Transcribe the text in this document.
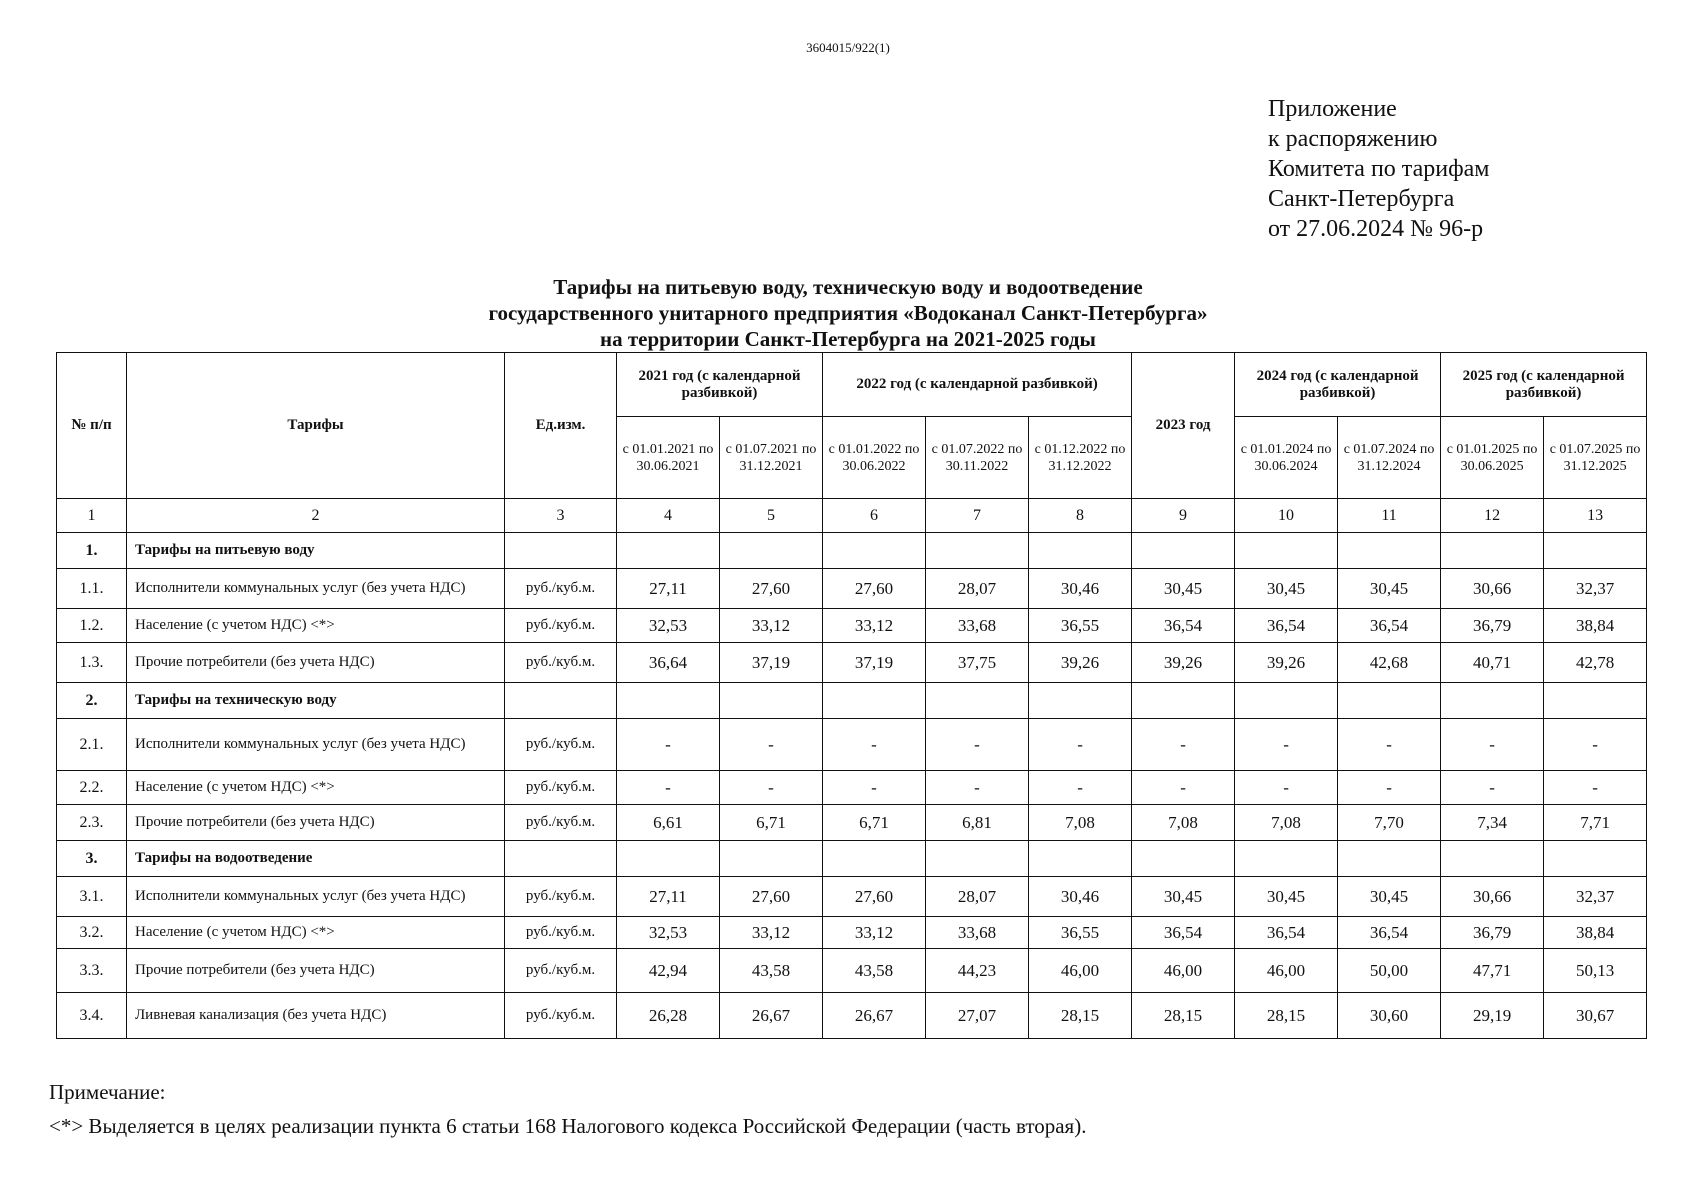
3604015/922(1)
Приложение
к распоряжению
Комитета по тарифам
Санкт-Петербурга
от 27.06.2024 № 96-р
Тарифы на питьевую воду, техническую воду и водоотведение
государственного унитарного предприятия «Водоканал Санкт-Петербурга»
на территории Санкт-Петербурга на 2021-2025 годы
№ п/п	Тарифы	Ед.изм.	2021 год (с календарной разбивкой)		2022 год (с календарной разбивкой)			2023 год	2024 год (с календарной разбивкой)		2025 год (с календарной разбивкой)	
			с 01.01.2021 по 30.06.2021	с 01.07.2021 по 31.12.2021	с 01.01.2022 по 30.06.2022	с 01.07.2022 по 30.11.2022	с 01.12.2022 по 31.12.2022		с 01.01.2024 по 30.06.2024	с 01.07.2024 по 31.12.2024	с 01.01.2025 по 30.06.2025	с 01.07.2025 по 31.12.2025
1	2	3	4	5	6	7	8	9	10	11	12	13
1.	Тарифы на питьевую воду											
1.1.	Исполнители коммунальных услуг (без учета НДС)	руб./куб.м.	27,11	27,60	27,60	28,07	30,46	30,45	30,45	30,45	30,66	32,37
1.2.	Население (с учетом НДС) <*>	руб./куб.м.	32,53	33,12	33,12	33,68	36,55	36,54	36,54	36,54	36,79	38,84
1.3.	Прочие потребители (без учета НДС)	руб./куб.м.	36,64	37,19	37,19	37,75	39,26	39,26	39,26	42,68	40,71	42,78
2.	Тарифы на техническую воду											
2.1.	Исполнители коммунальных услуг (без учета НДС)	руб./куб.м.	-	-	-	-	-	-	-	-	-	-
2.2.	Население (с учетом НДС) <*>	руб./куб.м.	-	-	-	-	-	-	-	-	-	-
2.3.	Прочие потребители (без учета НДС)	руб./куб.м.	6,61	6,71	6,71	6,81	7,08	7,08	7,08	7,70	7,34	7,71
3.	Тарифы на водоотведение											
3.1.	Исполнители коммунальных услуг (без учета НДС)	руб./куб.м.	27,11	27,60	27,60	28,07	30,46	30,45	30,45	30,45	30,66	32,37
3.2.	Население (с учетом НДС) <*>	руб./куб.м.	32,53	33,12	33,12	33,68	36,55	36,54	36,54	36,54	36,79	38,84
3.3.	Прочие потребители (без учета НДС)	руб./куб.м.	42,94	43,58	43,58	44,23	46,00	46,00	46,00	50,00	47,71	50,13
3.4.	Ливневая канализация (без учета НДС)	руб./куб.м.	26,28	26,67	26,67	27,07	28,15	28,15	28,15	30,60	29,19	30,67
Примечание:
<*> Выделяется в целях реализации пункта 6 статьи 168 Налогового кодекса Российской Федерации (часть вторая).
